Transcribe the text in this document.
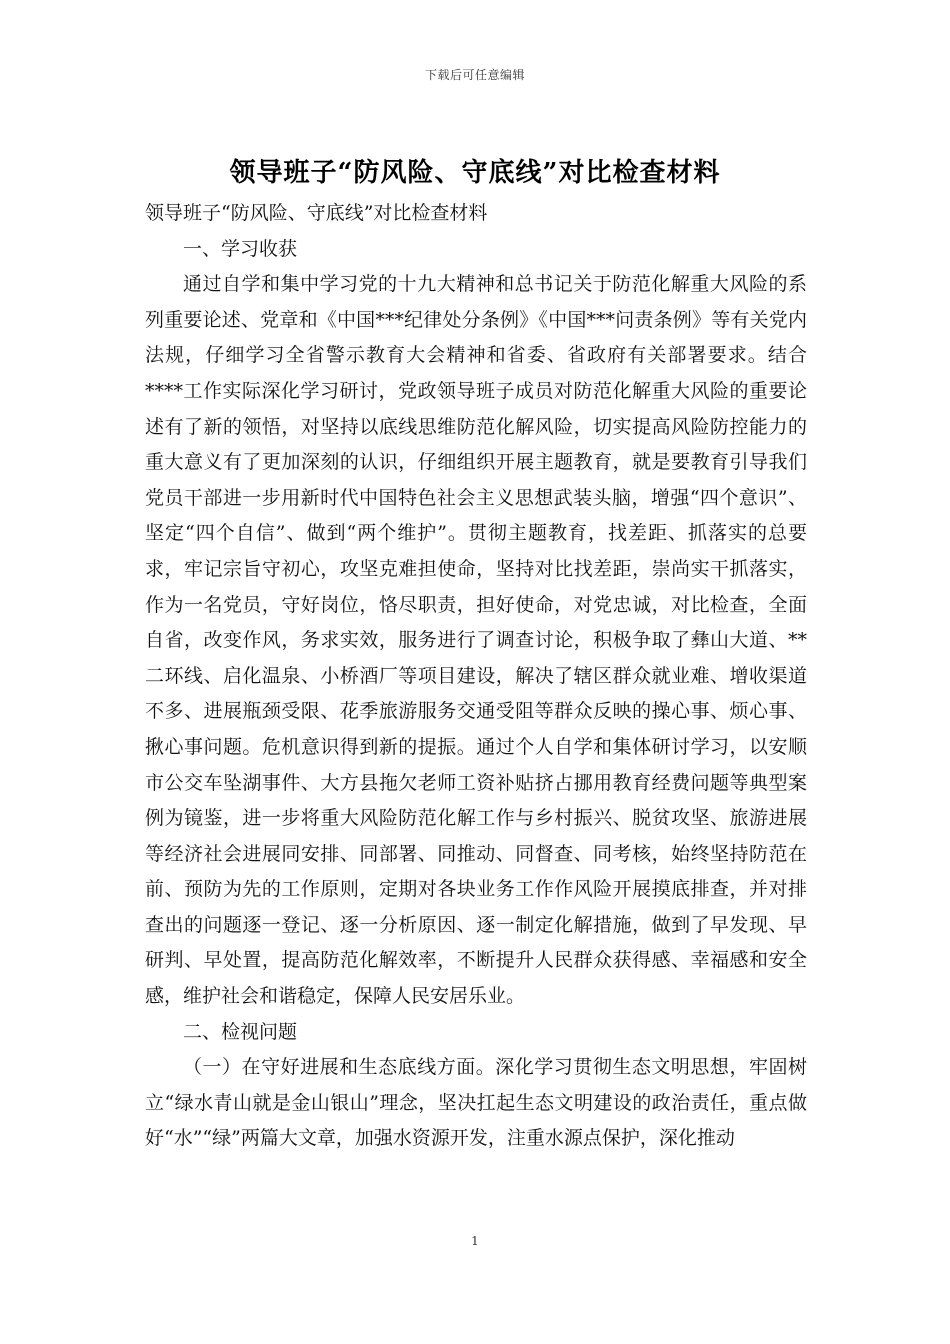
下载后可任意编辑
领导班子“防风险、守底线”对比检查材料

领导班子“防风险、守底线”对比检查材料

一、学习收获

通过自学和集中学习党的十九大精神和总书记关于防范化解重大风险的系列重要论述、党章和《中国***纪律处分条例》《中国***问责条例》等有关党内法规，仔细学习全省警示教育大会精神和省委、省政府有关部署要求。结合****工作实际深化学习研讨，党政领导班子成员对防范化解重大风险的重要论述有了新的领悟，对坚持以底线思维防范化解风险，切实提高风险防控能力的重大意义有了更加深刻的认识，仔细组织开展主题教育，就是要教育引导我们党员干部进一步用新时代中国特色社会主义思想武装头脑，增强“四个意识”、坚定“四个自信”、做到“两个维护”。贯彻主题教育，找差距、抓落实的总要求，牢记宗旨守初心，攻坚克难担使命，坚持对比找差距，崇尚实干抓落实，作为一名党员，守好岗位，恪尽职责，担好使命，对党忠诚，对比检查，全面自省，改变作风，务求实效，服务进行了调查讨论，积极争取了彝山大道、**二环线、启化温泉、小桥酒厂等项目建设，解决了辖区群众就业难、增收渠道不多、进展瓶颈受限、花季旅游服务交通受阻等群众反映的操心事、烦心事、揪心事问题。危机意识得到新的提振。通过个人自学和集体研讨学习，以安顺市公交车坠湖事件、大方县拖欠老师工资补贴挤占挪用教育经费问题等典型案例为镜鉴，进一步将重大风险防范化解工作与乡村振兴、脱贫攻坚、旅游进展等经济社会进展同安排、同部署、同推动、同督查、同考核，始终坚持防范在前、预防为先的工作原则，定期对各块业务工作作风险开展摸底排查，并对排查出的问题逐一登记、逐一分析原因、逐一制定化解措施，做到了早发现、早研判、早处置，提高防范化解效率，不断提升人民群众获得感、幸福感和安全感，维护社会和谐稳定，保障人民安居乐业。

二、检视问题

（一）在守好进展和生态底线方面。深化学习贯彻生态文明思想，牢固树立“绿水青山就是金山银山”理念，坚决扛起生态文明建设的政治责任，重点做好“水”“绿”两篇大文章，加强水资源开发，注重水源点保护，深化推动

1
